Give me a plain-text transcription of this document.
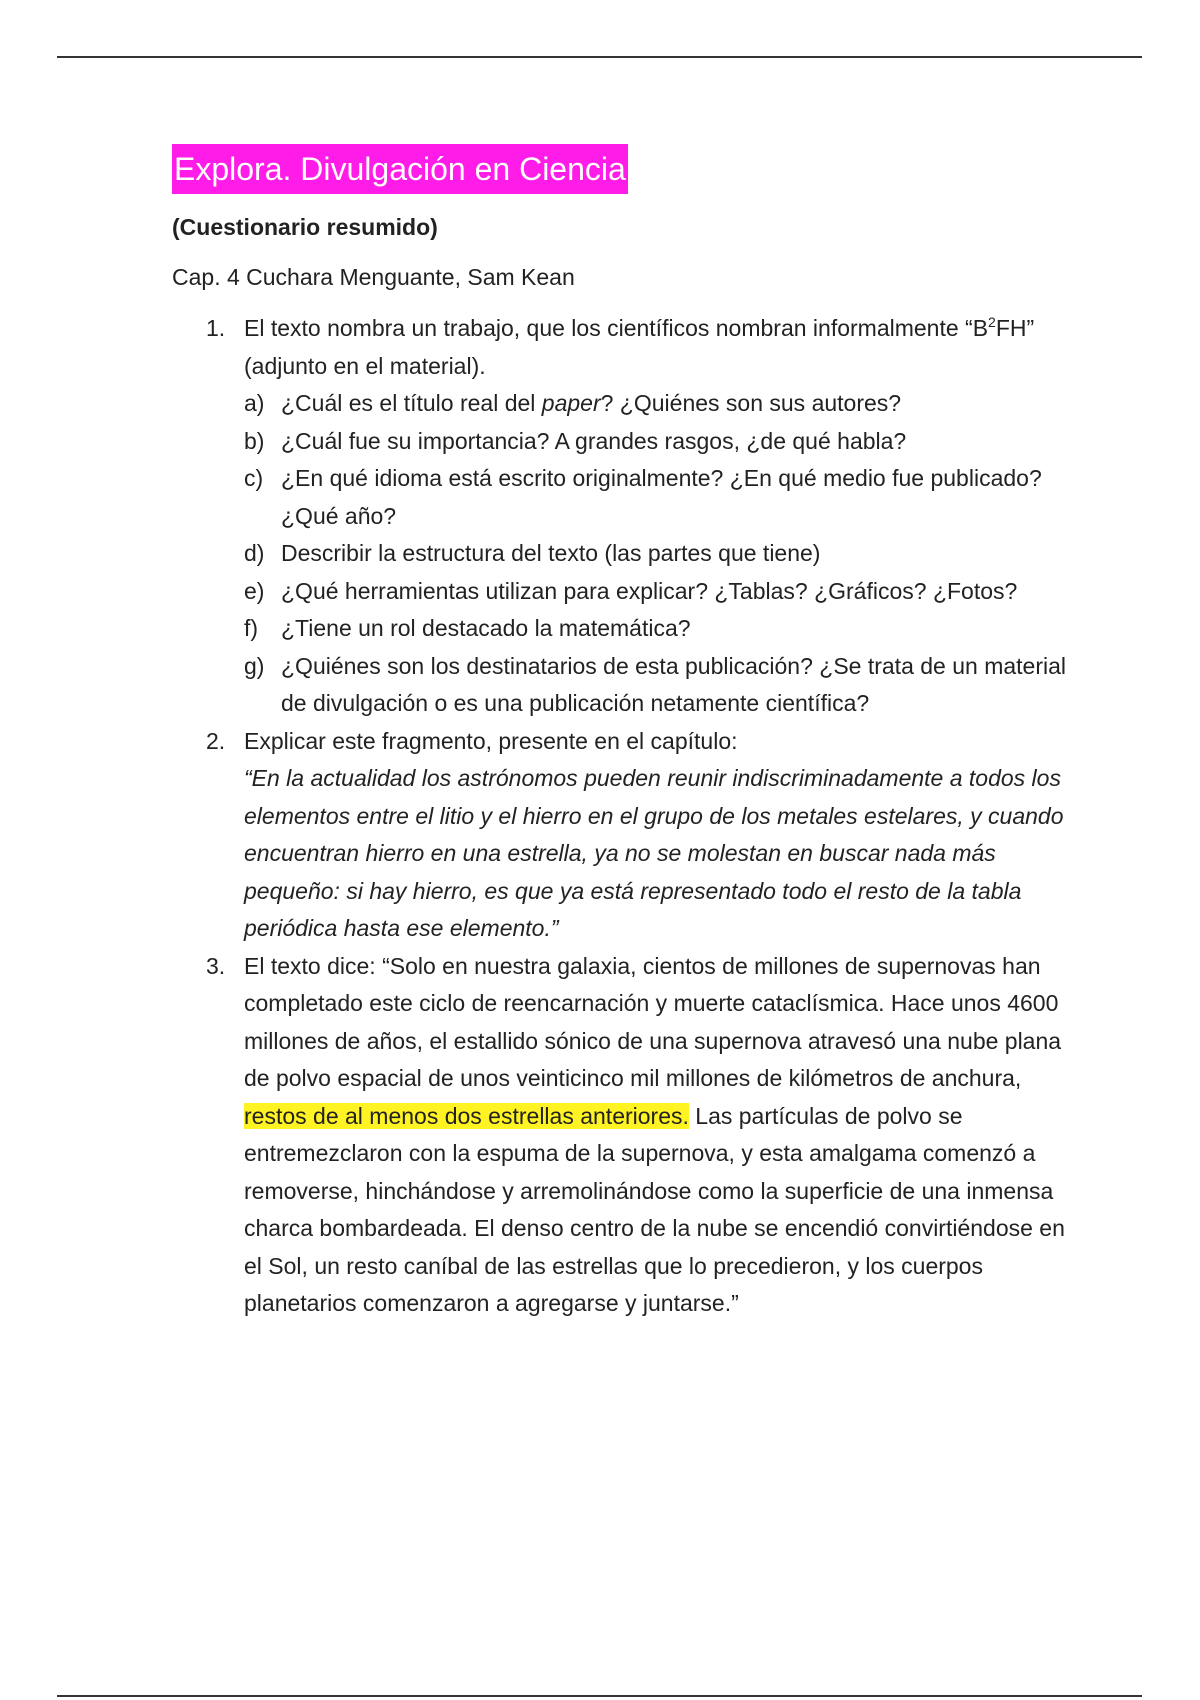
Explora. Divulgación en Ciencia
(Cuestionario resumido)
Cap. 4 Cuchara Menguante, Sam Kean
1. El texto nombra un trabajo, que los científicos nombran informalmente “$B^2FH$” (adjunto en el material).
a) ¿Cuál es el título real del paper? ¿Quiénes son sus autores?
b) ¿Cuál fue su importancia? A grandes rasgos, ¿de qué habla?
c) ¿En qué idioma está escrito originalmente? ¿En qué medio fue publicado? ¿Qué año?
d) Describir la estructura del texto (las partes que tiene)
e) ¿Qué herramientas utilizan para explicar? ¿Tablas? ¿Gráficos? ¿Fotos?
f) ¿Tiene un rol destacado la matemática?
g) ¿Quiénes son los destinatarios de esta publicación? ¿Se trata de un material de divulgación o es una publicación netamente científica?
2. Explicar este fragmento, presente en el capítulo:
“En la actualidad los astrónomos pueden reunir indiscriminadamente a todos los elementos entre el litio y el hierro en el grupo de los metales estelares, y cuando encuentran hierro en una estrella, ya no se molestan en buscar nada más pequeño: si hay hierro, es que ya está representado todo el resto de la tabla periódica hasta ese elemento.”
3. El texto dice: “Solo en nuestra galaxia, cientos de millones de supernovas han completado este ciclo de reencarnación y muerte cataclísmica. Hace unos 4600 millones de años, el estallido sónico de una supernova atravesó una nube plana de polvo espacial de unos veinticinco mil millones de kilómetros de anchura, restos de al menos dos estrellas anteriores. Las partículas de polvo se entremezclaron con la espuma de la supernova, y esta amalgama comenzó a removerse, hinchándose y arremolinándose como la superficie de una inmensa charca bombardeada. El denso centro de la nube se encendió convirtiéndose en el Sol, un resto caníbal de las estrellas que lo precedieron, y los cuerpos planetarios comenzaron a agregarse y juntarse.”
